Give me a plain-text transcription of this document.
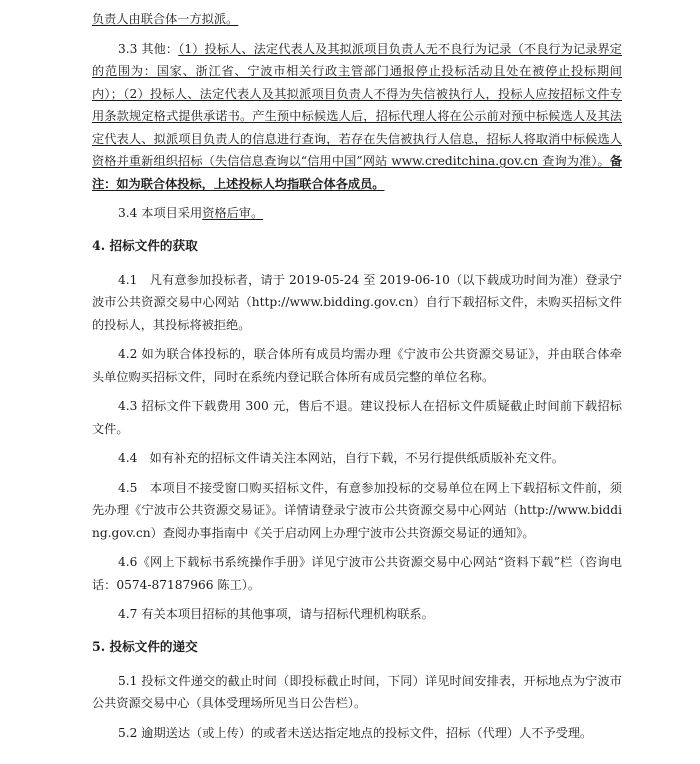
负责人由联合体一方拟派。

3.3 其他：（1）投标人、法定代表人及其拟派项目负责人无不良行为记录（不良行为记录界定的范围为：国家、浙江省、宁波市相关行政主管部门通报停止投标活动且处在被停止投标期间内）；（2）投标人、法定代表人及其拟派项目负责人不得为失信被执行人，投标人应按招标文件专用条款规定格式提供承诺书。产生预中标候选人后，招标代理人将在公示前对预中标候选人及其法定代表人、拟派项目负责人的信息进行查询，若存在失信被执行人信息，招标人将取消中标候选人资格并重新组织招标（失信信息查询以“信用中国”网站 www.creditchina.gov.cn 查询为准）。备注：如为联合体投标，上述投标人均指联合体各成员。

3.4 本项目采用资格后审。

4. 招标文件的获取

4.1　凡有意参加投标者，请于 2019-05-24 至 2019-06-10（以下载成功时间为准）登录宁波市公共资源交易中心网站（http://www.bidding.gov.cn）自行下载招标文件，未购买招标文件的投标人，其投标将被拒绝。

4.2 如为联合体投标的，联合体所有成员均需办理《宁波市公共资源交易证》，并由联合体牵头单位购买招标文件，同时在系统内登记联合体所有成员完整的单位名称。

4.3 招标文件下载费用 300 元，售后不退。建议投标人在招标文件质疑截止时间前下载招标文件。

4.4　如有补充的招标文件请关注本网站，自行下载，不另行提供纸质版补充文件。

4.5　本项目不接受窗口购买招标文件，有意参加投标的交易单位在网上下载招标文件前，须先办理《宁波市公共资源交易证》。详情请登录宁波市公共资源交易中心网站（http://www.bidding.gov.cn）查阅办事指南中《关于启动网上办理宁波市公共资源交易证的通知》。

4.6《网上下载标书系统操作手册》详见宁波市公共资源交易中心网站“资料下载”栏（咨询电话：0574-87187966 陈工）。

4.7 有关本项目招标的其他事项，请与招标代理机构联系。

5. 投标文件的递交

5.1 投标文件递交的截止时间（即投标截止时间，下同）详见时间安排表，开标地点为宁波市公共资源交易中心（具体受理场所见当日公告栏）。

5.2 逾期送达（或上传）的或者未送达指定地点的投标文件，招标（代理）人不予受理。
